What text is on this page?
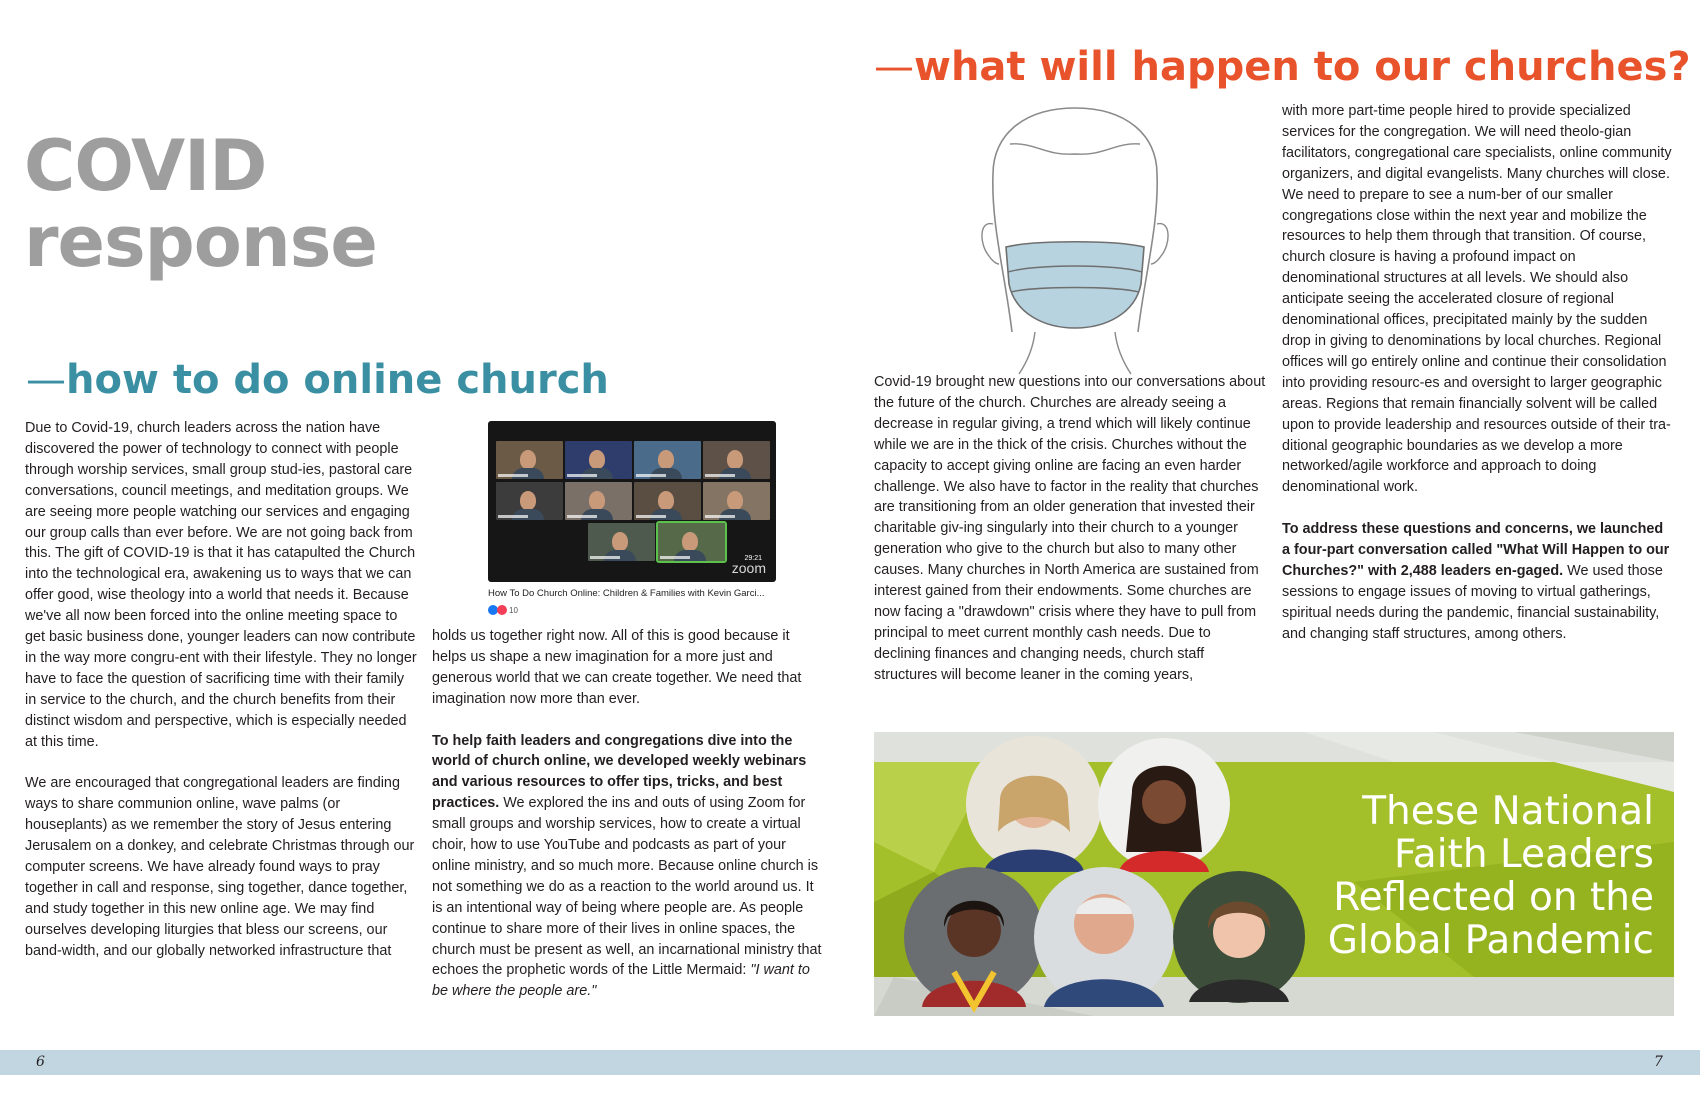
COVID
response
—how to do online church

Due to Covid-19, church leaders across the nation have discovered the power of technology to connect with people through worship services, small group stud-ies, pastoral care conversations, council meetings, and meditation groups. We are seeing more people watching our services and engaging our group calls than ever before. We are not going back from this. The gift of COVID-19 is that it has catapulted the Church into the technological era, awakening us to ways that we can offer good, wise theology into a world that needs it. Because we've all now been forced into the online meeting space to get basic business done, younger leaders can now contribute in the way more congru-ent with their lifestyle. They no longer have to face the question of sacrificing time with their family in service to the church, and the church benefits from their distinct wisdom and perspective, which is especially needed at this time.

We are encouraged that congregational leaders are finding ways to share communion online, wave palms (or houseplants) as we remember the story of Jesus entering Jerusalem on a donkey, and celebrate Christmas through our computer screens. We have already found ways to pray together in call and response, sing together, dance together, and study together in this new online age. We may find ourselves developing liturgies that bless our screens, our band-width, and our globally networked infrastructure that

29:21
zoom
How To Do Church Online: Children & Families with Kevin Garci...
10

holds us together right now. All of this is good because it helps us shape a new imagination for a more just and generous world that we can create together. We need that imagination now more than ever.

To help faith leaders and congregations dive into the world of church online, we developed weekly webinars and various resources to offer tips, tricks, and best practices. We explored the ins and outs of using Zoom for small groups and worship services, how to create a virtual choir, how to use YouTube and podcasts as part of your online ministry, and so much more. Because online church is not something we do as a reaction to the world around us. It is an intentional way of being where people are. As people continue to share more of their lives in online spaces, the church must be present as well, an incarnational ministry that echoes the prophetic words of the Little Mermaid: "I want to be where the people are."

—what will happen to our churches?

Covid-19 brought new questions into our conversations about the future of the church. Churches are already seeing a decrease in regular giving, a trend which will likely continue while we are in the thick of the crisis. Churches without the capacity to accept giving online are facing an even harder challenge. We also have to factor in the reality that churches are transitioning from an older generation that invested their charitable giv-ing singularly into their church to a younger generation who give to the church but also to many other causes. Many churches in North America are sustained from interest gained from their endowments. Some churches are now facing a "drawdown" crisis where they have to pull from principal to meet current monthly cash needs. Due to declining finances and changing needs, church staff structures will become leaner in the coming years,

with more part-time people hired to provide specialized services for the congregation. We will need theolo-gian facilitators, congregational care specialists, online community organizers, and digital evangelists. Many churches will close. We need to prepare to see a num-ber of our smaller congregations close within the next year and mobilize the resources to help them through that transition. Of course, church closure is having a profound impact on denominational structures at all levels. We should also anticipate seeing the accelerated closure of regional denominational offices, precipitated mainly by the sudden drop in giving to denominations by local churches. Regional offices will go entirely online and continue their consolidation into providing resourc-es and oversight to larger geographic areas. Regions that remain financially solvent will be called upon to provide leadership and resources outside of their tra-ditional geographic boundaries as we develop a more networked/agile workforce and approach to doing denominational work.

To address these questions and concerns, we launched a four-part conversation called "What Will Happen to our Churches?" with 2,488 leaders en-gaged. We used those sessions to engage issues of moving to virtual gatherings, spiritual needs during the pandemic, financial sustainability, and changing staff structures, among others.

These National
Faith Leaders
Reflected on the
Global Pandemic
6	7
